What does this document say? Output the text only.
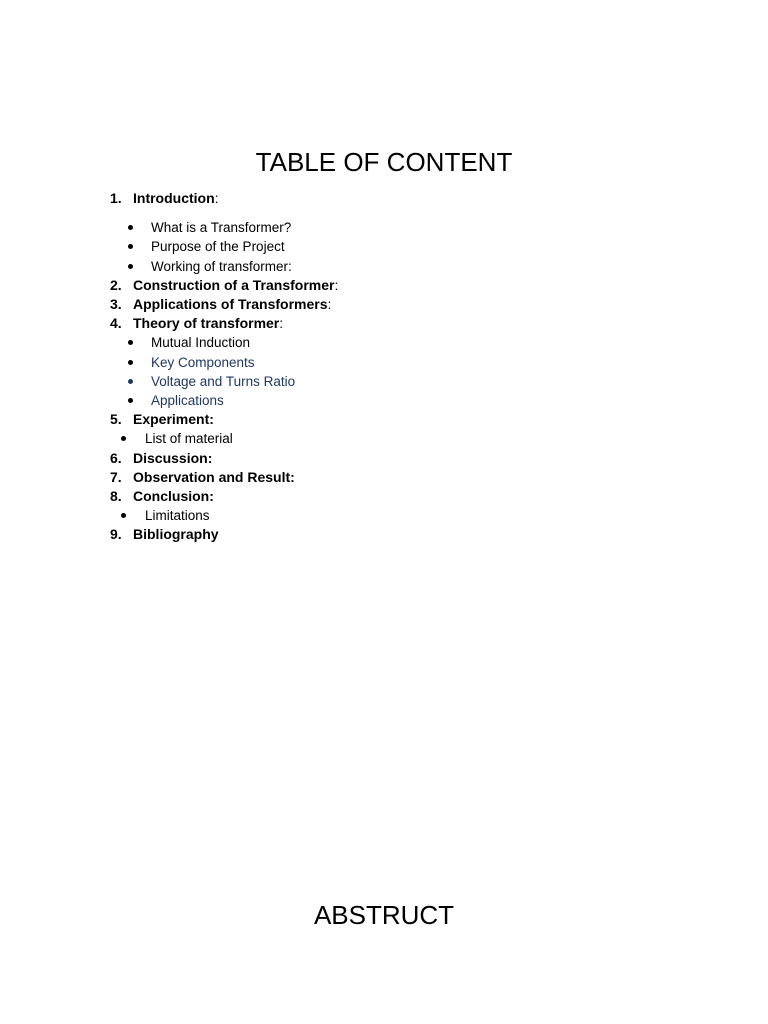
TABLE OF CONTENT
1. Introduction:
What is a Transformer?
Purpose of the Project
Working of transformer:
2. Construction of a Transformer:
3. Applications of Transformers:
4. Theory of transformer:
Mutual Induction
Key Components
Voltage and Turns Ratio
Applications
5. Experiment:
List of material
6. Discussion:
7. Observation and Result:
8. Conclusion:
Limitations
9. Bibliography
ABSTRUCT
